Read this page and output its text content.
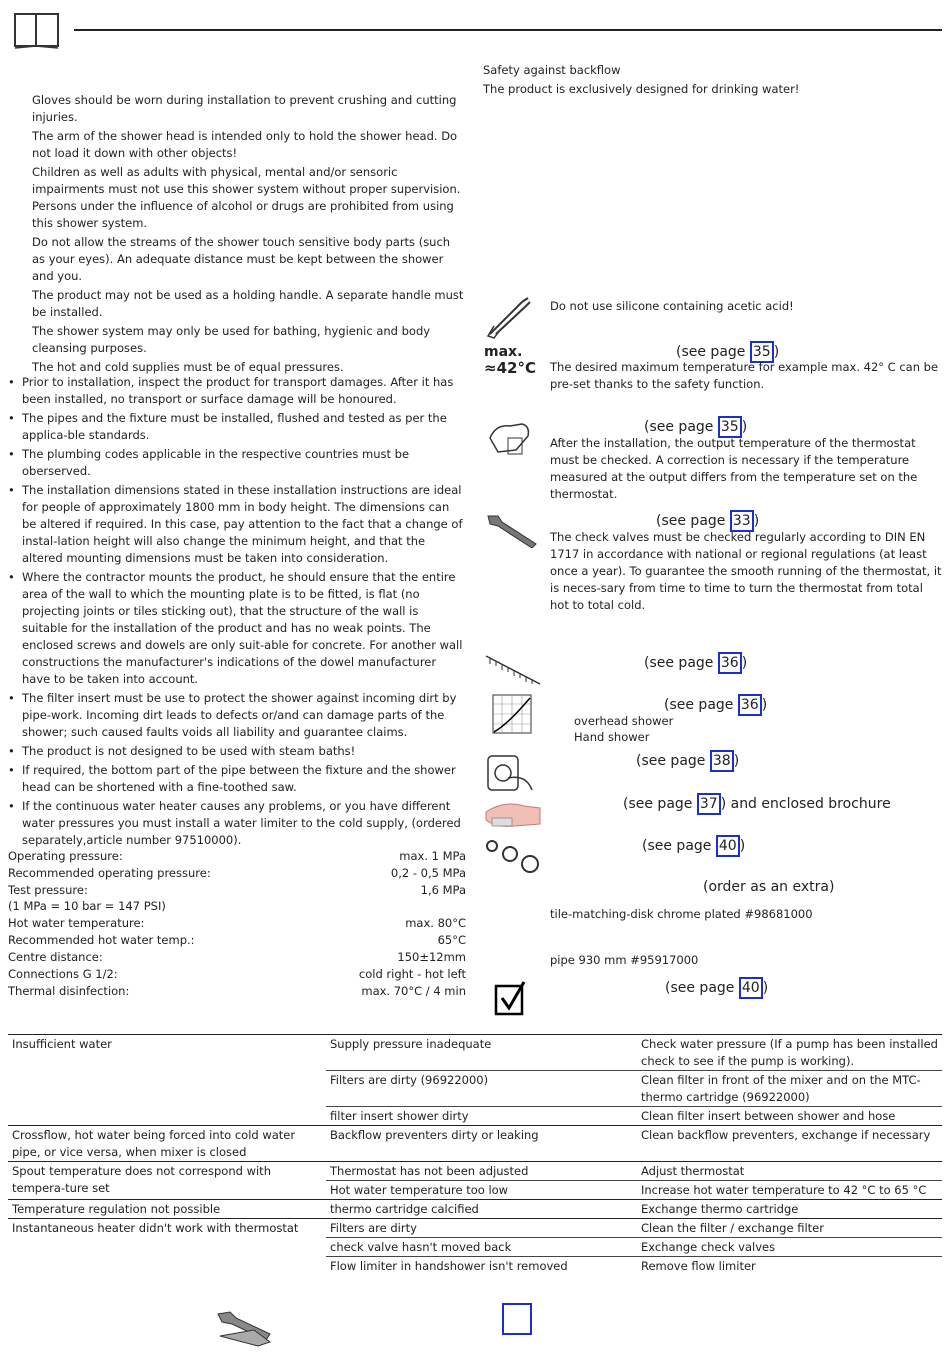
Gloves should be worn during installation to prevent crushing and cutting injuries.
The arm of the shower head is intended only to hold the shower head. Do not load it down with other objects!
Children as well as adults with physical, mental and/or sensoric impairments must not use this shower system without proper supervision. Persons under the influence of alcohol or drugs are prohibited from using this shower system.
Do not allow the streams of the shower touch sensitive body parts (such as your eyes). An adequate distance must be kept between the shower and you.
The product may not be used as a holding handle. A separate handle must be installed.
The shower system may only be used for bathing, hygienic and body cleansing purposes.
The hot and cold supplies must be of equal pressures.
• Prior to installation, inspect the product for transport damages. After it has been installed, no transport or surface damage will be honoured.
• The pipes and the fixture must be installed, flushed and tested as per the applica-ble standards.
• The plumbing codes applicable in the respective countries must be oberserved.
• The installation dimensions stated in these installation instructions are ideal for people of approximately 1800 mm in body height. The dimensions can be altered if required. In this case, pay attention to the fact that a change of instal-lation height will also change the minimum height, and that the altered mounting dimensions must be taken into consideration.
• Where the contractor mounts the product, he should ensure that the entire area of the wall to which the mounting plate is to be fitted, is flat (no projecting joints or tiles sticking out), that the structure of the wall is suitable for the installation of the product and has no weak points. The enclosed screws and dowels are only suit-able for concrete. For another wall constructions the manufacturer's indications of the dowel manufacturer have to be taken into account.
• The filter insert must be use to protect the shower against incoming dirt by pipe-work. Incoming dirt leads to defects or/and can damage parts of the shower; such caused faults voids all liability and guarantee claims.
• The product is not designed to be used with steam baths!
• If required, the bottom part of the pipe between the fixture and the shower head can be shortened with a fine-toothed saw.
• If the continuous water heater causes any problems, or you have different water pressures you must install a water limiter to the cold supply, (ordered separately,article number 97510000).
Operating pressure:	max. 1 MPa
Recommended operating pressure:	0,2 - 0,5 MPa
Test pressure:	1,6 MPa
(1 MPa = 10 bar = 147 PSI)
Hot water temperature:	max. 80°C
Recommended hot water temp.:	65°C
Centre distance:	150±12mm
Connections G 1/2:	cold right - hot left
Thermal disinfection:	max. 70°C / 4 min
Safety against backflow
The product is exclusively designed for drinking water!
Do not use silicone containing acetic acid!
max.
≈42°C
(see page 35 )
The desired maximum temperature for example max. 42° C can be pre-set thanks to the safety function.
(see page 35 )
After the installation, the output temperature of the thermostat must be checked. A correction is necessary if the temperature measured at the output differs from the temperature set on the thermostat.
(see page 33 )
The check valves must be checked regularly according to DIN EN 1717 in accordance with national or regional regulations (at least once a year). To guarantee the smooth running of the thermostat, it is neces-sary from time to time to turn the thermostat from total hot to total cold.
(see page 36 )
(see page 36 )
overhead shower
Hand shower
(see page 38 )
(see page 37 ) and enclosed brochure
(see page 40 )
(order as an extra)
tile-matching-disk chrome plated #98681000
pipe 930 mm #95917000
(see page 40 )
Insufficient water	Supply pressure inadequate	Check water pressure (If a pump has been installed check to see if the pump is working).
	Filters are dirty (96922000)	Clean filter in front of the mixer and on the MTC-thermo cartridge (96922000)
	filter insert shower dirty	Clean filter insert between shower and hose
Crossflow, hot water being forced into cold water pipe, or vice versa, when mixer is closed	Backflow preventers dirty or leaking	Clean backflow preventers, exchange if necessary
Spout temperature does not correspond with tempera-ture set	Thermostat has not been adjusted	Adjust thermostat
	Hot water temperature too low	Increase hot water temperature to 42 °C to 65 °C
Temperature regulation not possible	thermo cartridge calcified	Exchange thermo cartridge
Instantaneous heater didn't work with thermostat	Filters are dirty	Clean the filter / exchange filter
	check valve hasn't moved back	Exchange check valves
	Flow limiter in handshower isn't removed	Remove flow limiter
